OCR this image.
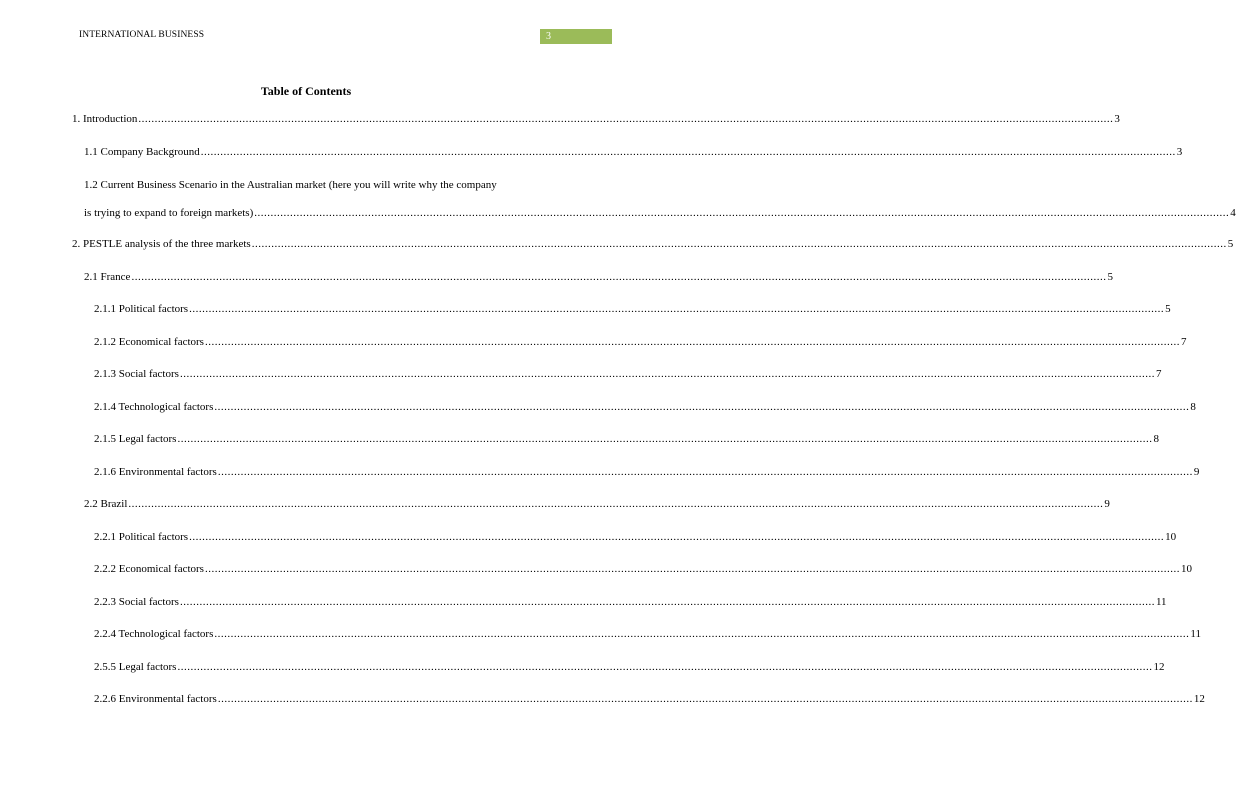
INTERNATIONAL BUSINESS	3
Table of Contents
1. Introduction ............................................................................................................................................................................................................................................................................................................ 3
1.1 Company Background ............................................................................................................................................................................................................................................................................................................ 3
1.2 Current Business Scenario in the Australian market (here you will write why the company
is trying to expand to foreign markets) ............................................................................................................................................................................................................................................................................................................ 4
2. PESTLE analysis of the three markets ............................................................................................................................................................................................................................................................................................................ 5
2.1 France ............................................................................................................................................................................................................................................................................................................ 5
2.1.1 Political factors ............................................................................................................................................................................................................................................................................................................ 5
2.1.2 Economical factors ............................................................................................................................................................................................................................................................................................................ 7
2.1.3 Social factors ............................................................................................................................................................................................................................................................................................................ 7
2.1.4 Technological factors ............................................................................................................................................................................................................................................................................................................ 8
2.1.5 Legal factors ............................................................................................................................................................................................................................................................................................................ 8
2.1.6 Environmental factors ............................................................................................................................................................................................................................................................................................................ 9
2.2 Brazil ............................................................................................................................................................................................................................................................................................................ 9
2.2.1 Political factors ............................................................................................................................................................................................................................................................................................................ 10
2.2.2 Economical factors ............................................................................................................................................................................................................................................................................................................ 10
2.2.3 Social factors ............................................................................................................................................................................................................................................................................................................ 11
2.2.4 Technological factors ............................................................................................................................................................................................................................................................................................................ 11
2.5.5 Legal factors ............................................................................................................................................................................................................................................................................................................ 12
2.2.6 Environmental factors ............................................................................................................................................................................................................................................................................................................ 12
